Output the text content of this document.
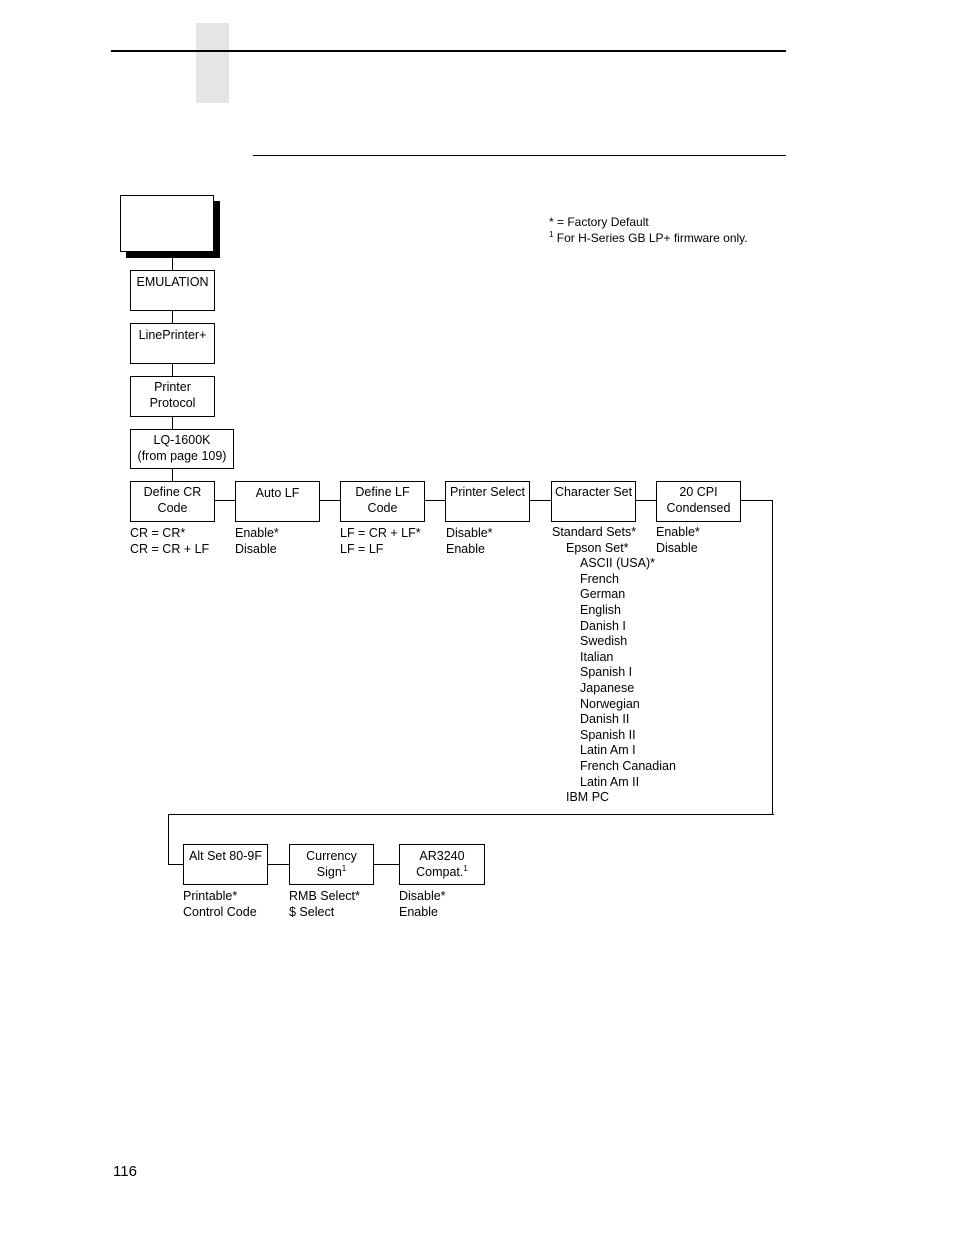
* = Factory Default
$^1$ For H-Series GB LP+ firmware only.
EMULATION
LinePrinter+
Printer
Protocol
LQ-1600K
(from page 109)
Define CR
Code
Auto LF	Define LF
Code
Printer Select	Character Set	20 CPI
Condensed
CR = CR*
CR = CR + LF
Enable*
Disable
LF = CR + LF*
LF = LF
Disable*
Enable
Standard Sets*
Epson Set*
ASCII (USA)*
French
German
English
Danish I
Swedish
Italian
Spanish I
Japanese
Norwegian
Danish II
Spanish II
Latin Am I
French Canadian
Latin Am II
IBM PC
Enable*
Disable
Alt Set 80-9F	Currency
Sign$^1$
AR3240
Compat.$^1$
Printable*
Control Code
RMB Select*
$ Select
Disable*
Enable
116
